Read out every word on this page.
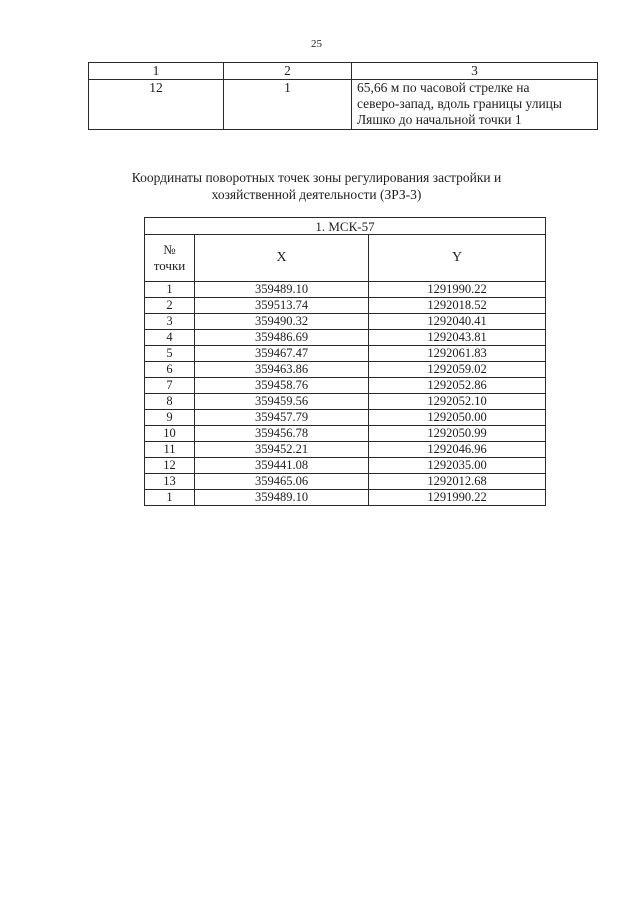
25
1	2	3
12	1	65,66 м по часовой стрелке на
северо-запад, вдоль границы улицы
Ляшко до начальной точки 1
Координаты поворотных точек зоны регулирования застройки и
хозяйственной деятельности (ЗРЗ-3)
1. МСК-57		

№
точки	X	Y
1	359489.10	1291990.22
2	359513.74	1292018.52
3	359490.32	1292040.41
4	359486.69	1292043.81
5	359467.47	1292061.83
6	359463.86	1292059.02
7	359458.76	1292052.86
8	359459.56	1292052.10
9	359457.79	1292050.00
10	359456.78	1292050.99
11	359452.21	1292046.96
12	359441.08	1292035.00
13	359465.06	1292012.68
1	359489.10	1291990.22
